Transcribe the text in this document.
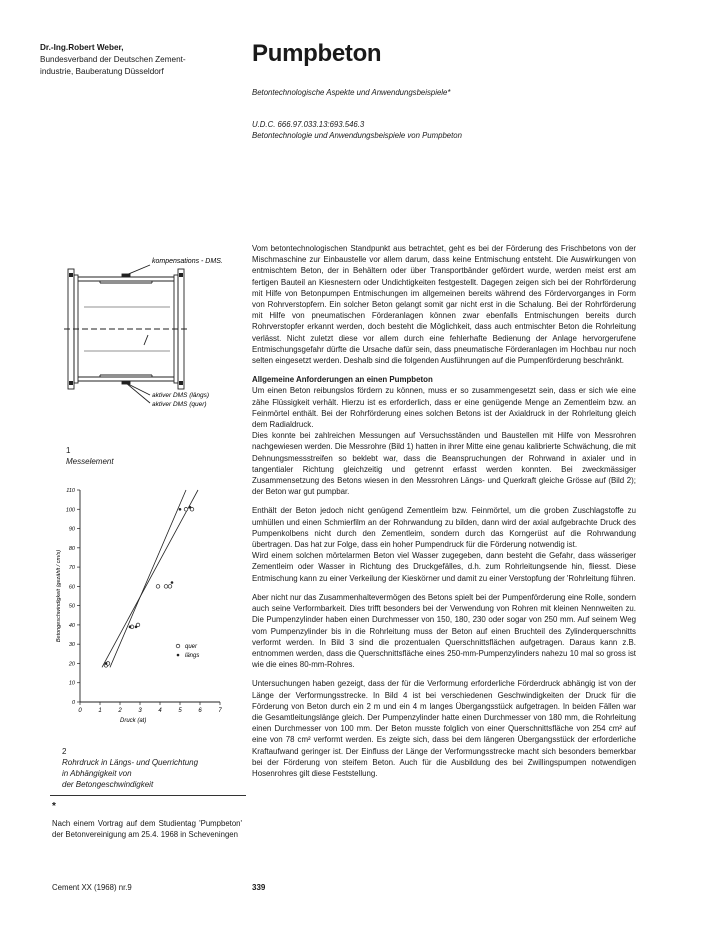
Dr.-Ing.Robert Weber,
Bundesverband der Deutschen Zement-
industrie, Bauberatung Düsseldorf
Pumpbeton
Betontechnologische Aspekte und Anwendungsbeispiele*
U.D.C. 666.97.033.13:693.546.3
Betontechnologie und Anwendungsbeispiele von Pumpbeton
kompensations - DMS.
aktiver DMS (längs)
aktiver DMS (quer)
1
Messelement
0
10
20
30
40
50
60
70
80
90
100
110
0	1	2	3	4	5	6	7
Druck (at)
Betongeschwindigkeit (gezählt / cm/s)
quer
längs
2
Rohrdruck in Längs- und Querrichtung
in Abhängigkeit von
der Betongeschwindigkeit
*
Nach einem Vortrag auf dem Studientag 'Pumpbeton' der Betonvereinigung am 25.4. 1968 in Scheveningen

Vom betontechnologischen Standpunkt aus betrachtet, geht es bei der Förderung des Frischbetons von der Mischmaschine zur Einbaustelle vor allem darum, dass keine Entmischung entsteht. Die Auswirkungen von entmischtem Beton, der in Behältern oder über Transportbänder gefördert wurde, werden meist erst am fertigen Bauteil an Kiesnestern oder Undichtigkeiten festgestellt. Dagegen zeigen sich bei der Rohrförderung mit Hilfe von Betonpumpen Entmischungen im allgemeinen bereits während des Fördervorganges in Form von Rohrverstopfern. Ein solcher Beton gelangt somit gar nicht erst in die Schalung. Bei der Rohrförderung mit Hilfe von pneumatischen Förderanlagen können zwar ebenfalls Entmischungen bereits durch Rohrverstopfer erkannt werden, doch besteht die Möglichkeit, dass auch entmischter Beton die Rohrleitung verlässt. Nicht zuletzt diese vor allem durch eine fehlerhafte Bedienung der Anlage hervorgerufene Entmischungsgefahr dürfte die Ursache dafür sein, dass pneumatische Förderanlagen im Hochbau nur noch selten eingesetzt werden. Deshalb sind die folgenden Ausführungen auf die Pumpenförderung beschränkt.

Allgemeine Anforderungen an einen Pumpbeton

Um einen Beton reibungslos fördern zu können, muss er so zusammengesetzt sein, dass er sich wie eine zähe Flüssigkeit verhält. Hierzu ist es erforderlich, dass er eine genügende Menge an Zementleim bzw. an Feinmörtel enthält. Bei der Rohrförderung eines solchen Betons ist der Axialdruck in der Rohrleitung gleich dem Radialdruck.

Dies konnte bei zahlreichen Messungen auf Versuchsständen und Baustellen mit Hilfe von Messrohren nachgewiesen werden. Die Messrohre (Bild 1) hatten in ihrer Mitte eine genau kalibrierte Schwächung, die mit Dehnungsmessstreifen so beklebt war, dass die Beanspruchungen der Rohrwand in axialer und in tangentialer Richtung gleichzeitig und getrennt erfasst werden konnten. Bei zweckmässiger Zusammensetzung des Betons wiesen in den Messrohren Längs- und Querkraft gleiche Grösse auf (Bild 2); der Beton war gut pumpbar.

Enthält der Beton jedoch nicht genügend Zementleim bzw. Feinmörtel, um die groben Zuschlagstoffe zu umhüllen und einen Schmierfilm an der Rohrwandung zu bilden, dann wird der axial aufgebrachte Druck des Pumpenkolbens nicht durch den Zementleim, sondern durch das Korngerüst auf die Rohrwandung übertragen. Das hat zur Folge, dass ein hoher Pumpendruck für die Förderung notwendig ist.

Wird einem solchen mörtelarmen Beton viel Wasser zugegeben, dann besteht die Gefahr, dass wässeriger Zementleim oder Wasser in Richtung des Druckgefälles, d.h. zum Rohrleitungsende hin, fliesst. Diese Entmischung kann zu einer Verkeilung der Kieskörner und damit zu einer Verstopfung der 'Rohrleitung führen.

Aber nicht nur das Zusammenhaltevermögen des Betons spielt bei der Pumpenförderung eine Rolle, sondern auch seine Verformbarkeit. Dies trifft besonders bei der Verwendung von Rohren mit kleinen Nennweiten zu. Die Pumpenzylinder haben einen Durchmesser von 150, 180, 230 oder sogar von 250 mm. Auf seinem Weg vom Pumpenzylinder bis in die Rohrleitung muss der Beton auf einen Bruchteil des Zylinderquerschnitts verformt werden. In Bild 3 sind die prozentualen Querschnittsflächen aufgetragen. Daraus kann z.B. entnommen werden, dass die Querschnittsfläche eines 250-mm-Pumpenzylinders nahezu 10 mal so gross ist wie die eines 80-mm-Rohres.

Untersuchungen haben gezeigt, dass der für die Verformung erforderliche Förderdruck abhängig ist von der Länge der Verformungsstrecke. In Bild 4 ist bei verschiedenen Geschwindigkeiten der Druck für die Förderung von Beton durch ein 2 m und ein 4 m langes Übergangsstück aufgetragen. In beiden Fällen war die Gesamtleitungslänge gleich. Der Pumpenzylinder hatte einen Durchmesser von 180 mm, die Rohrleitung einen Durchmesser von 100 mm. Der Beton musste folglich von einer Querschnittsfläche von 254 cm² auf eine von 78 cm² verformt werden. Es zeigte sich, dass bei dem längeren Übergangsstück der erforderliche Kraftaufwand geringer ist. Der Einfluss der Länge der Verformungsstrecke macht sich besonders bemerkbar bei der Förderung von steifem Beton. Auch für die Ausbildung des bei Zwillingspumpen notwendigen Hosenrohres gilt diese Feststellung.

Cement XX (1968) nr.9	339
